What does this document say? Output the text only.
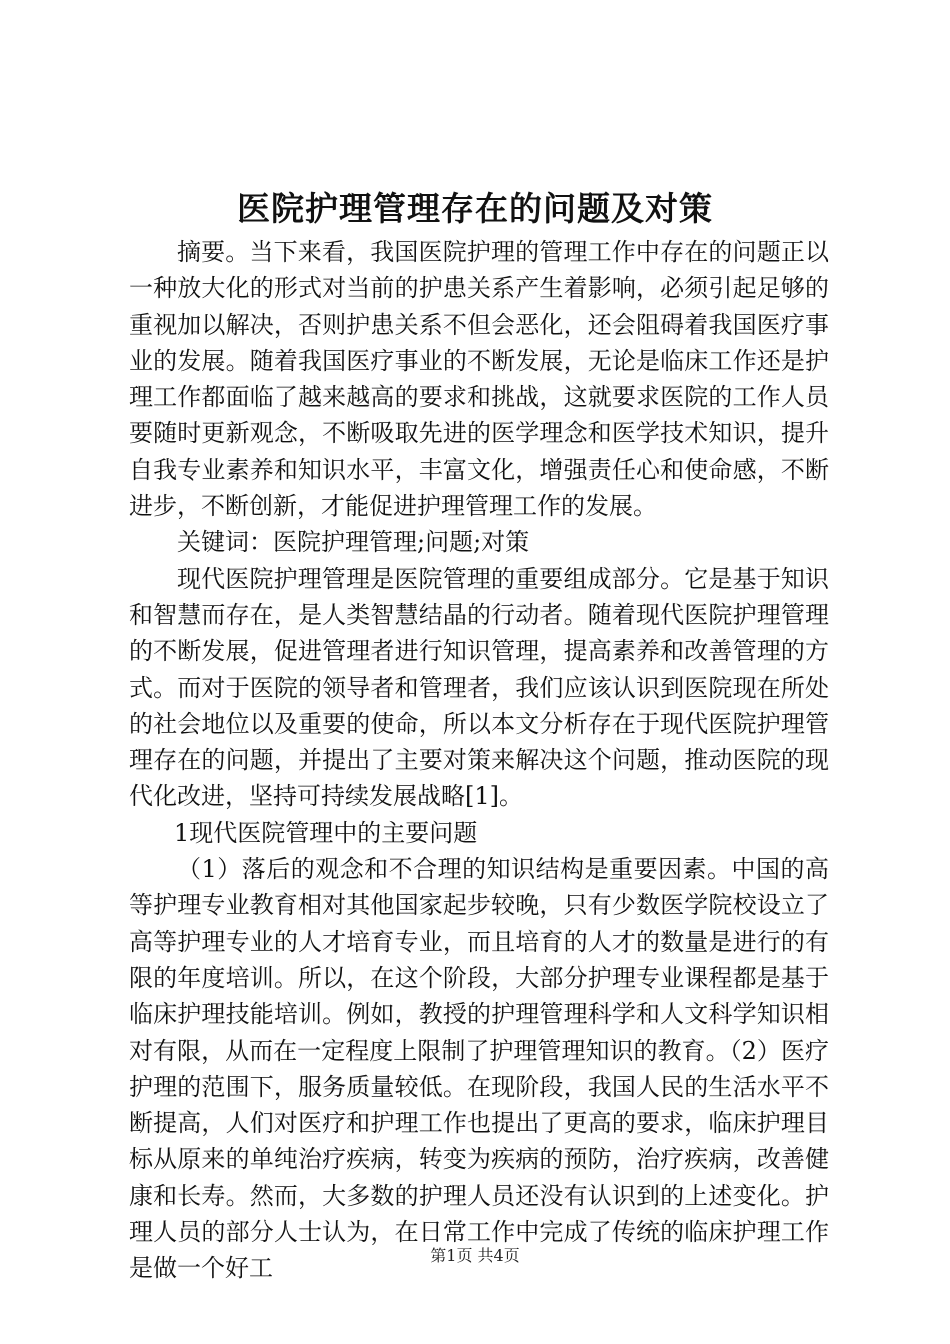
医院护理管理存在的问题及对策

摘要。当下来看，我国医院护理的管理工作中存在的问题正以一种放大化的形式对当前的护患关系产生着影响，必须引起足够的重视加以解决，否则护患关系不但会恶化，还会阻碍着我国医疗事业的发展。随着我国医疗事业的不断发展，无论是临床工作还是护理工作都面临了越来越高的要求和挑战，这就要求医院的工作人员要随时更新观念，不断吸取先进的医学理念和医学技术知识，提升自我专业素养和知识水平，丰富文化，增强责任心和使命感，不断进步，不断创新，才能促进护理管理工作的发展。

关键词：医院护理管理;问题;对策

现代医院护理管理是医院管理的重要组成部分。它是基于知识和智慧而存在，是人类智慧结晶的行动者。随着现代医院护理管理的不断发展，促进管理者进行知识管理，提高素养和改善管理的方式。而对于医院的领导者和管理者，我们应该认识到医院现在所处的社会地位以及重要的使命，所以本文分析存在于现代医院护理管理存在的问题，并提出了主要对策来解决这个问题，推动医院的现代化改进，坚持可持续发展战略[1]。

1现代医院管理中的主要问题

（1）落后的观念和不合理的知识结构是重要因素。中国的高等护理专业教育相对其他国家起步较晚，只有少数医学院校设立了高等护理专业的人才培育专业，而且培育的人才的数量是进行的有限的年度培训。所以，在这个阶段，大部分护理专业课程都是基于临床护理技能培训。例如，教授的护理管理科学和人文科学知识相对有限，从而在一定程度上限制了护理管理知识的教育。（2）医疗护理的范围下，服务质量较低。在现阶段，我国人民的生活水平不断提高，人们对医疗和护理工作也提出了更高的要求，临床护理目标从原来的单纯治疗疾病，转变为疾病的预防，治疗疾病，改善健康和长寿。然而，大多数的护理人员还没有认识到的上述变化。护理人员的部分人士认为，在日常工作中完成了传统的临床护理工作是做一个好工	第1页 共4页
